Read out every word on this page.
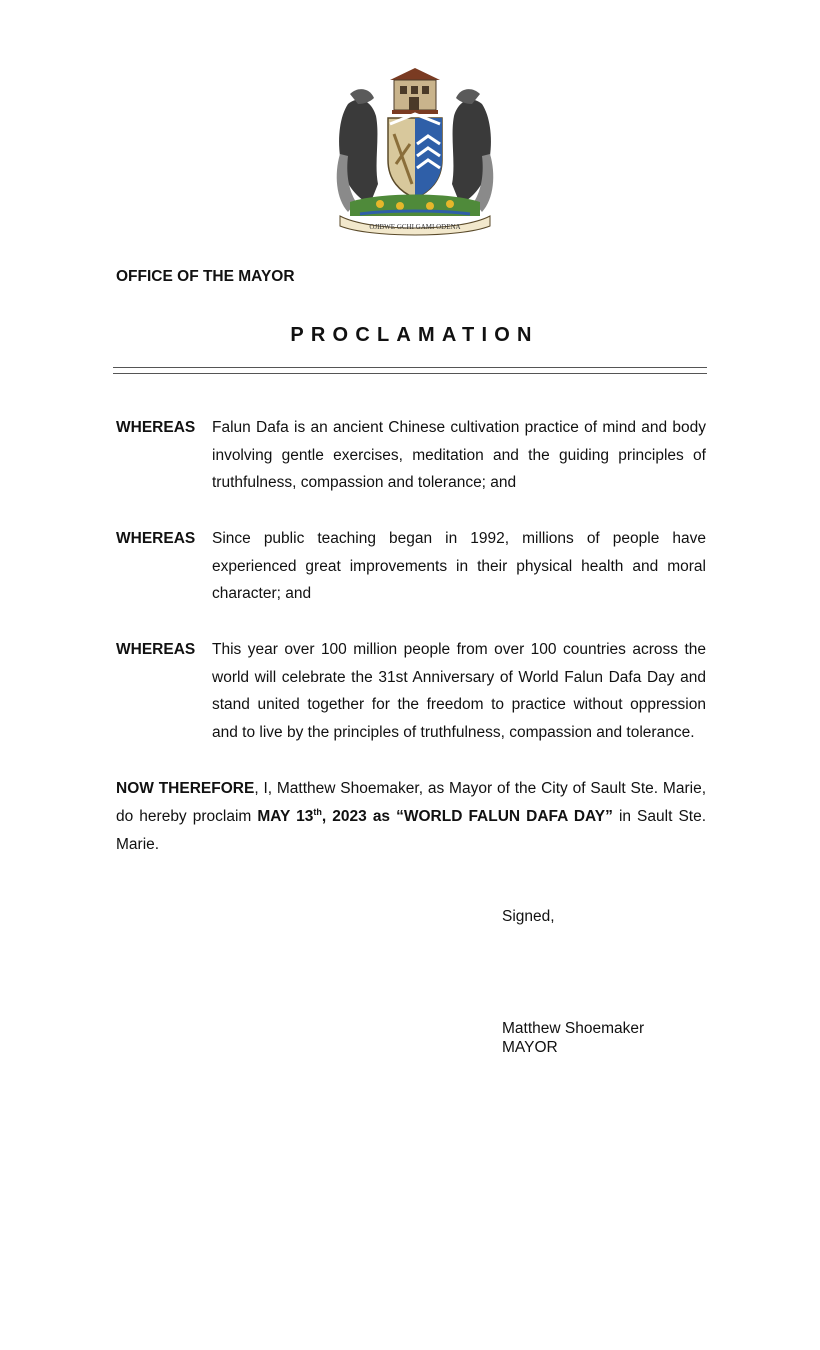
OJIBWE GCHI GAMI ODENA
OFFICE OF THE MAYOR
PROCLAMATION
WHEREAS Falun Dafa is an ancient Chinese cultivation practice of mind and body involving gentle exercises, meditation and the guiding principles of truthfulness, compassion and tolerance; and
WHEREAS Since public teaching began in 1992, millions of people have experienced great improvements in their physical health and moral character; and
WHEREAS This year over 100 million people from over 100 countries across the world will celebrate the 31st Anniversary of World Falun Dafa Day and stand united together for the freedom to practice without oppression and to live by the principles of truthfulness, compassion and tolerance.
NOW THEREFORE, I, Matthew Shoemaker, as Mayor of the City of Sault Ste. Marie, do hereby proclaim MAY 13th, 2023 as “WORLD FALUN DAFA DAY” in Sault Ste. Marie.
Signed,
Matthew Shoemaker
MAYOR
